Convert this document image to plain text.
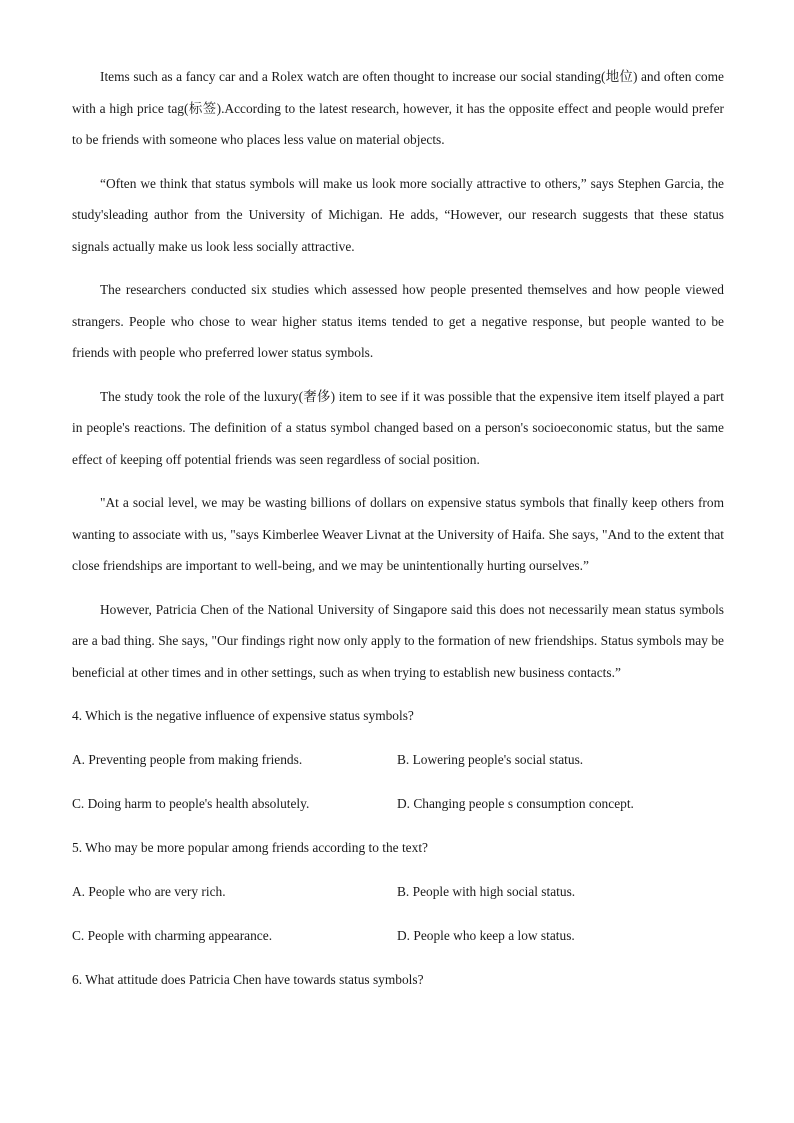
Items such as a fancy car and a Rolex watch are often thought to increase our social standing(地位) and often come with a high price tag(标签).According to the latest research, however, it has the opposite effect and people would prefer to be friends with someone who places less value on material objects.

“Often we think that status symbols will make us look more socially attractive to others,” says Stephen Garcia, the study'sleading author from the University of Michigan. He adds, “However, our research suggests that these status signals actually make us look less socially attractive.

The researchers conducted six studies which assessed how people presented themselves and how people viewed strangers. People who chose to wear higher status items tended to get a negative response, but people wanted to be friends with people who preferred lower status symbols.

The study took the role of the luxury(奢侈) item to see if it was possible that the expensive item itself played a part in people's reactions. The definition of a status symbol changed based on a person's socioeconomic status, but the same effect of keeping off potential friends was seen regardless of social position.

"At a social level, we may be wasting billions of dollars on expensive status symbols that finally keep others from wanting to associate with us, "says Kimberlee Weaver Livnat at the University of Haifa. She says, "And to the extent that close friendships are important to well-being, and we may be unintentionally hurting ourselves.”

However, Patricia Chen of the National University of Singapore said this does not necessarily mean status symbols are a bad thing. She says, "Our findings right now only apply to the formation of new friendships. Status symbols may be beneficial at other times and in other settings, such as when trying to establish new business contacts.”

4. Which is the negative influence of expensive status symbols?

A. Preventing people from making friends.	B. Lowering people's social status.
C. Doing harm to people's health absolutely.	D. Changing people s consumption concept.

5. Who may be more popular among friends according to the text?

A. People who are very rich.	B. People with high social status.
C. People with charming appearance.	D. People who keep a low status.

6. What attitude does Patricia Chen have towards status symbols?
